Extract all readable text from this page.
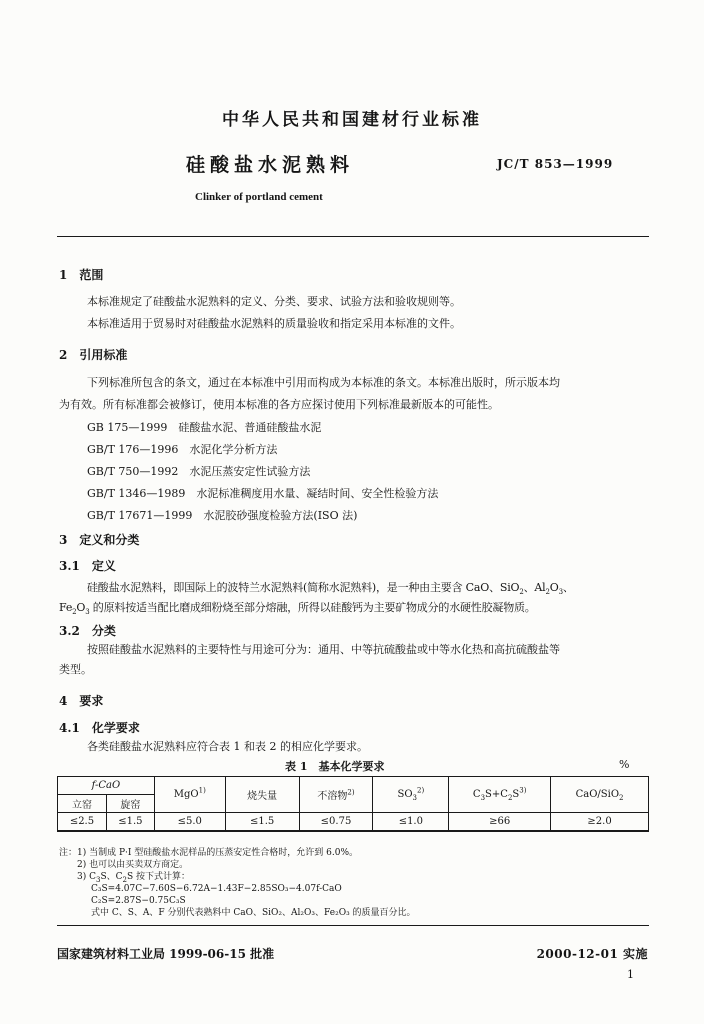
中华人民共和国建材行业标准
硅酸盐水泥熟料	JC/T 853—1999
Clinker of portland cement
1　范围
本标准规定了硅酸盐水泥熟料的定义、分类、要求、试验方法和验收规则等。
本标准适用于贸易时对硅酸盐水泥熟料的质量验收和指定采用本标准的文件。
2　引用标准
下列标准所包含的条文，通过在本标准中引用而构成为本标准的条文。本标准出版时，所示版本均
为有效。所有标准都会被修订，使用本标准的各方应探讨使用下列标准最新版本的可能性。
GB 175—1999　 硅酸盐水泥、普通硅酸盐水泥
GB/T 176—1996　 水泥化学分析方法
GB/T 750—1992　 水泥压蒸安定性试验方法
GB/T 1346—1989　 水泥标准稠度用水量、凝结时间、安全性检验方法
GB/T 17671—1999　 水泥胶砂强度检验方法(ISO 法)
3　定义和分类
3.1　定义
硅酸盐水泥熟料，即国际上的波特兰水泥熟料(简称水泥熟料)，是一种由主要含 CaO、SiO$_2$、$Al_2O_3$、
$Fe_2O_3$ 的原料按适当配比磨成细粉烧至部分熔融，所得以硅酸钙为主要矿物成分的水硬性胶凝物质。
3.2　分类
按照硅酸盐水泥熟料的主要特性与用途可分为：通用、中等抗硫酸盐或中等水化热和高抗硫酸盐等
类型。
4　要求
4.1　化学要求
各类硅酸盐水泥熟料应符合表 1 和表 2 的相应化学要求。
表 1　基本化学要求	%
f-CaO		MgO$^{1)}$	烧失量	不溶物$^{2)}$	$SO_3^{2)}$	$C_3S+C_2S^{3)}$	CaO/SiO$_2$
立窑	旋窑						
≤2.5	≤1.5	≤5.0	≤1.5	≤0.75	≤1.0	≥66	≥2.0
注：1) 当制成 P·I 型硅酸盐水泥样品的压蒸安定性合格时，允许到 6.0%。
2) 也可以由买卖双方商定。
3) $C_3S$、$C_2S$ 按下式计算：
C₃S=4.07C−7.60S−6.72A−1.43F−2.85SO₃−4.07f-CaO
C₂S=2.87S−0.75C₃S
式中 C、S、A、F 分别代表熟料中 CaO、SiO₂、Al₂O₃、Fe₂O₃ 的质量百分比。
国家建筑材料工业局 1999-06-15 批准	2000-12-01 实施
1
